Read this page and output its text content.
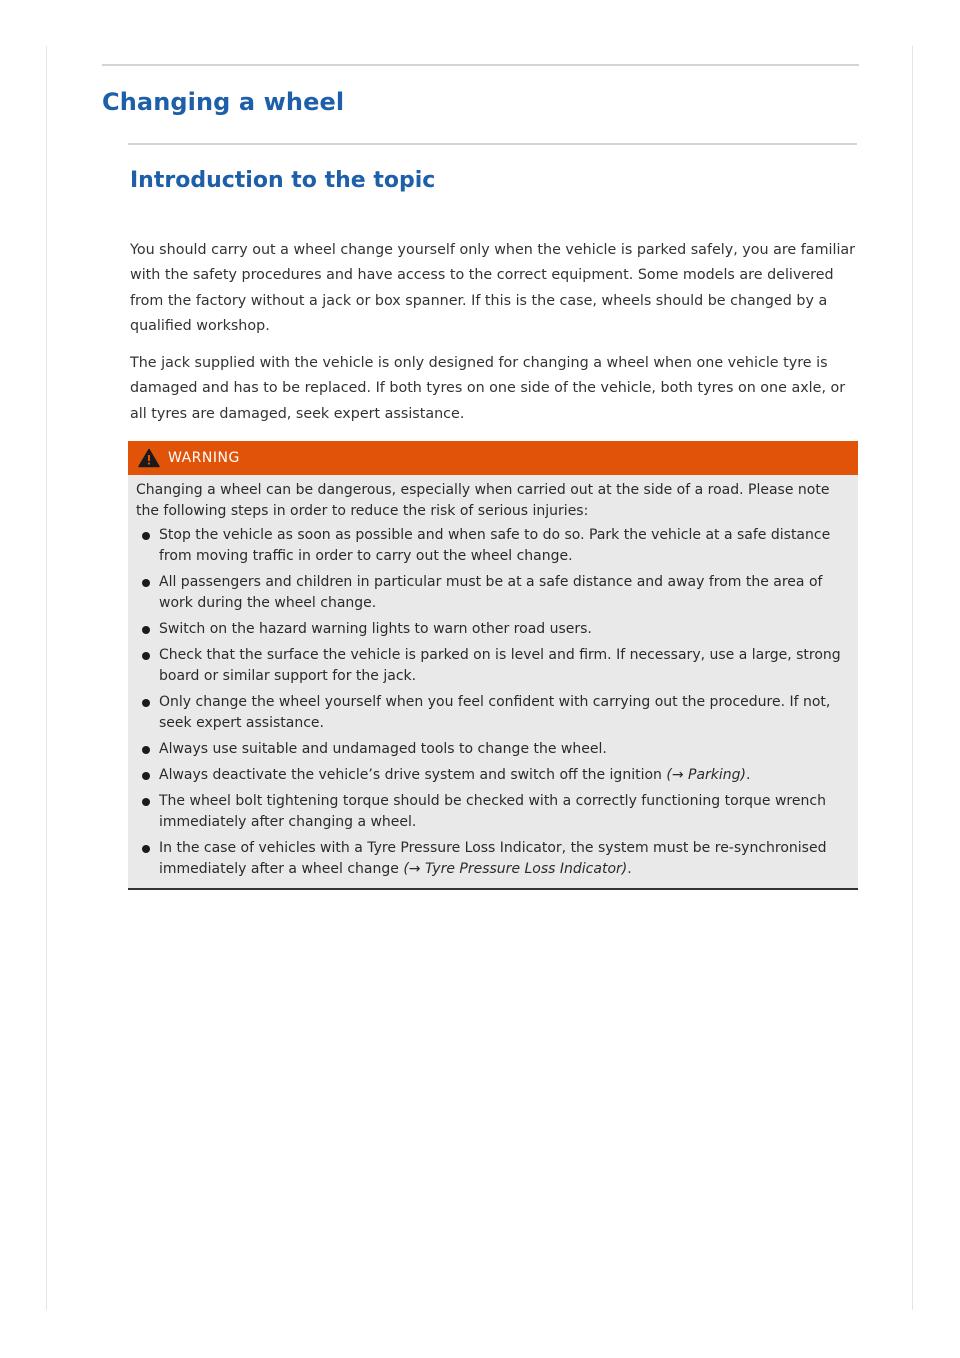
Changing a wheel
Introduction to the topic

You should carry out a wheel change yourself only when the vehicle is parked safely, you are familiar with the safety procedures and have access to the correct equipment. Some models are delivered from the factory without a jack or box spanner. If this is the case, wheels should be changed by a qualified workshop.

The jack supplied with the vehicle is only designed for changing a wheel when one vehicle tyre is damaged and has to be replaced. If both tyres on one side of the vehicle, both tyres on one axle, or all tyres are damaged, seek expert assistance.

WARNING

Changing a wheel can be dangerous, especially when carried out at the side of a road. Please note the following steps in order to reduce the risk of serious injuries:

Stop the vehicle as soon as possible and when safe to do so. Park the vehicle at a safe distance from moving traffic in order to carry out the wheel change.
All passengers and children in particular must be at a safe distance and away from the area of work during the wheel change.
Switch on the hazard warning lights to warn other road users.
Check that the surface the vehicle is parked on is level and firm. If necessary, use a large, strong board or similar support for the jack.
Only change the wheel yourself when you feel confident with carrying out the procedure. If not, seek expert assistance.
Always use suitable and undamaged tools to change the wheel.
Always deactivate the vehicle’s drive system and switch off the ignition (→ Parking).
The wheel bolt tightening torque should be checked with a correctly functioning torque wrench immediately after changing a wheel.
In the case of vehicles with a Tyre Pressure Loss Indicator, the system must be re-synchronised immediately after a wheel change (→ Tyre Pressure Loss Indicator).
